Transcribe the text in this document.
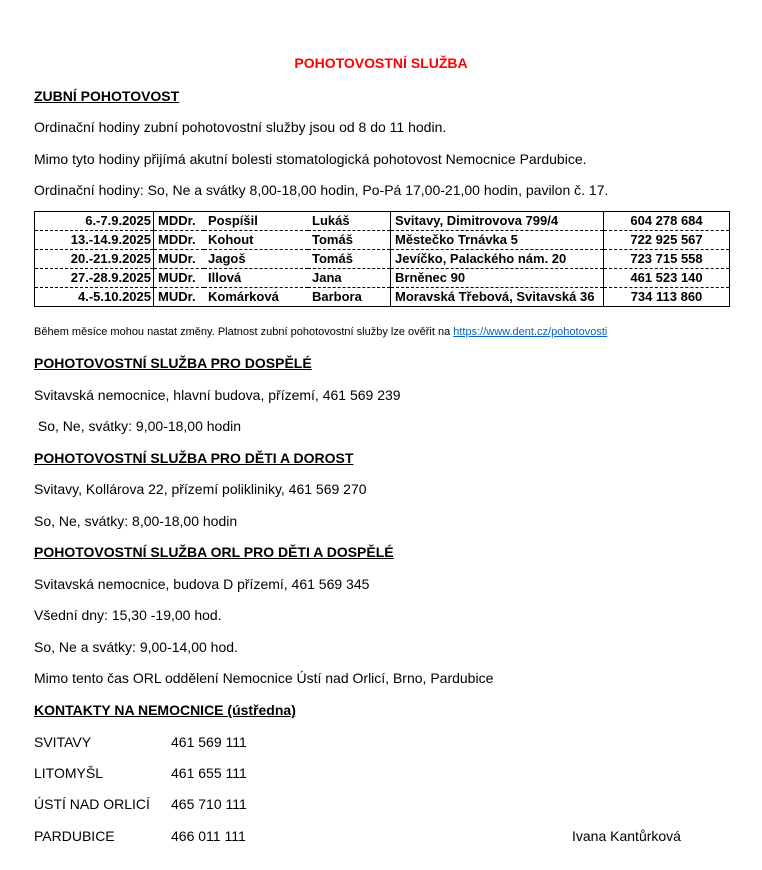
POHOTOVOSTNÍ SLUŽBA
ZUBNÍ POHOTOVOST
Ordinační hodiny zubní pohotovostní služby jsou od 8 do 11 hodin.
Mimo tyto hodiny přijímá akutní bolesti stomatologická pohotovost Nemocnice Pardubice.
Ordinační hodiny: So, Ne a svátky 8,00-18,00 hodin, Po-Pá 17,00-21,00 hodin, pavilon č. 17.
6.-7.9.2025	MDDr.	Pospíšil	Lukáš	Svitavy, Dimitrovova 799/4	604 278 684
13.-14.9.2025	MDDr.	Kohout	Tomáš	Městečko Trnávka 5	722 925 567
20.-21.9.2025	MUDr.	Jagoš	Tomáš	Jevíčko, Palackého nám. 20	723 715 558
27.-28.9.2025	MUDr.	Illová	Jana	Brněnec 90	461 523 140
4.-5.10.2025	MUDr.	Komárková	Barbora	Moravská Třebová, Svitavská 36	734 113 860
Během měsíce mohou nastat změny. Platnost zubní pohotovostní služby lze ověřit na https://www.dent.cz/pohotovosti
POHOTOVOSTNÍ SLUŽBA PRO DOSPĚLÉ
Svitavská nemocnice, hlavní budova, přízemí, 461 569 239
So, Ne, svátky: 9,00-18,00 hodin
POHOTOVOSTNÍ SLUŽBA PRO DĚTI A DOROST
Svitavy, Kollárova 22, přízemí polikliniky, 461 569 270
So, Ne, svátky: 8,00-18,00 hodin
POHOTOVOSTNÍ SLUŽBA ORL PRO DĚTI A DOSPĚLÉ
Svitavská nemocnice, budova D přízemí, 461 569 345
Všední dny: 15,30 -19,00 hod.
So, Ne a svátky: 9,00-14,00 hod.
Mimo tento čas ORL oddělení Nemocnice Ústí nad Orlicí, Brno, Pardubice
KONTAKTY NA NEMOCNICE (ústředna)
SVITAVY	461 569 111
LITOMYŠL	461 655 111
ÚSTÍ NAD ORLICÍ 465 710 111
PARDUBICE	466 011 111	Ivana Kantůrková
